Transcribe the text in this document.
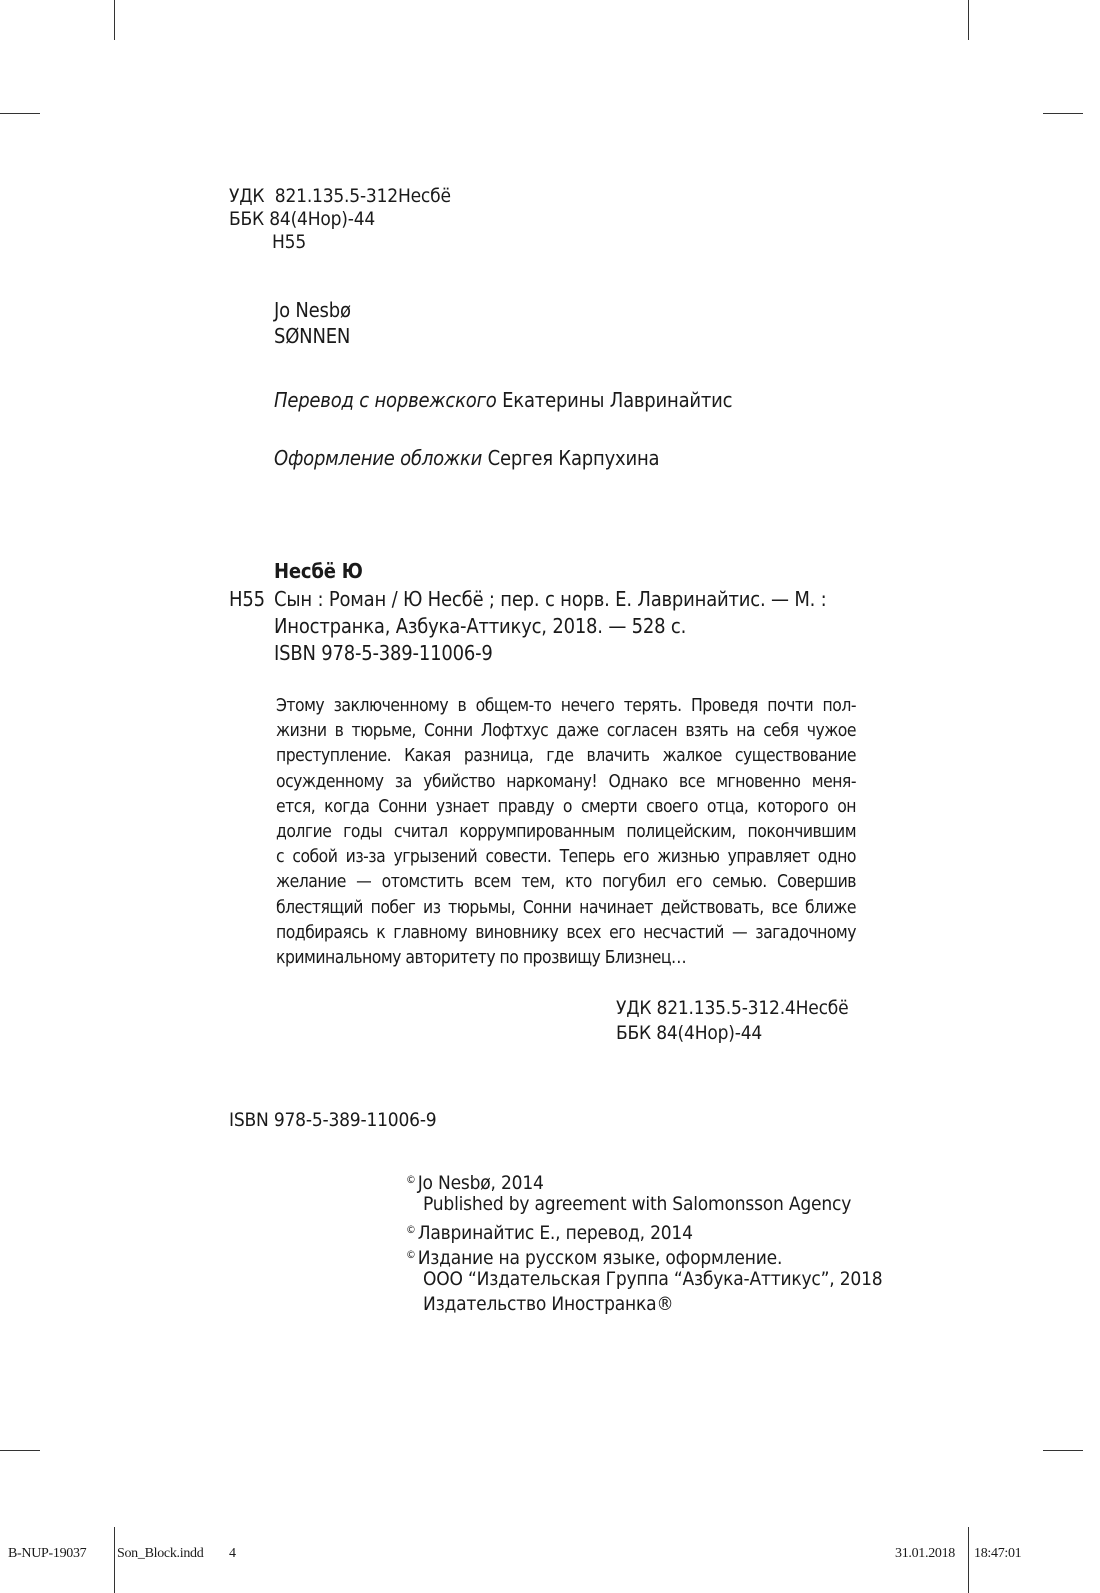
УДК 821.135.5-312Несбё
ББК 84(4Нор)-44
Н55
Jo Nesbø
SØNNEN
Перевод с норвежского Екатерины Лавринайтис
Оформление обложки Сергея Карпухина
Несбё Ю
Н55 Сын : Роман / Ю Несбё ; пер. с норв. Е. Лавринайтис. — М. :
Иностранка, Азбука-Аттикус, 2018. — 528 с.
ISBN 978-5-389-11006-9
Этому заключенному в общем-то нечего терять. Проведя почти пол-
жизни в тюрьме, Сонни Лофтхус даже согласен взять на себя чужое
преступление. Какая разница, где влачить жалкое существование
осужденному за убийство наркоману! Однако все мгновенно меня-
ется, когда Сонни узнает правду о смерти своего отца, которого он
долгие годы считал коррумпированным полицейским, покончившим
с собой из-за угрызений совести. Теперь его жизнью управляет одно
желание — отомстить всем тем, кто погубил его семью. Совершив
блестящий побег из тюрьмы, Сонни начинает действовать, все ближе
подбираясь к главному виновнику всех его несчастий — загадочному
криминальному авторитету по прозвищу Близнец…
УДК 821.135.5-312.4Несбё
ББК 84(4Нор)-44
ISBN 978-5-389-11006-9
© Jo Nesbø, 2014
Published by agreement with Salomonsson Agency
© Лавринайтис Е., перевод, 2014
© Издание на русском языке, оформление.
ООО “Издательская Группа “Азбука-Аттикус”, 2018
Издательство Иностранка®
B-NUP-19037 Son_Block.indd 4	31.01.2018 18:47:01
